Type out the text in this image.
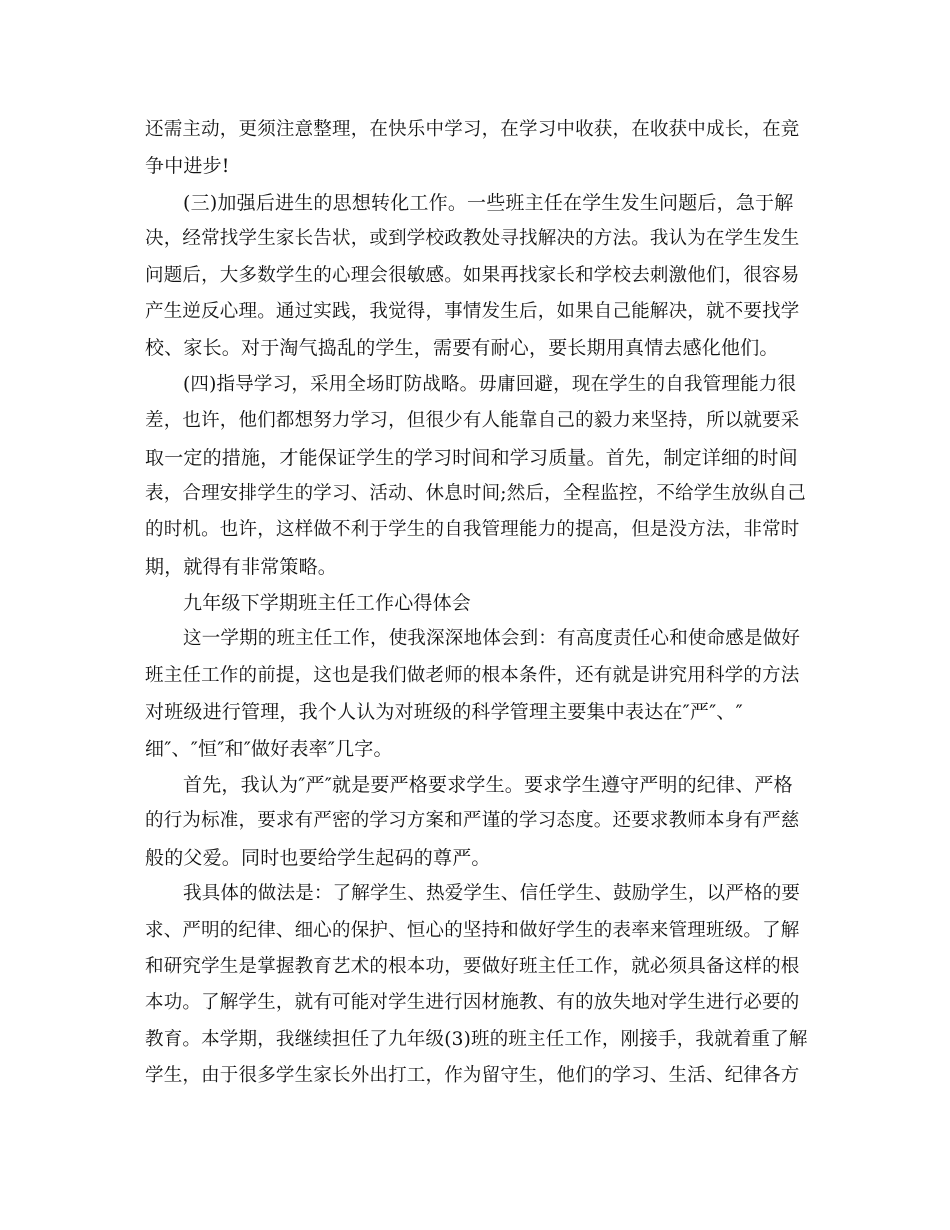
还需主动，更须注意整理，在快乐中学习，在学习中收获，在收获中成长，在竞
争中进步!
(三)加强后进生的思想转化工作。一些班主任在学生发生问题后，急于解
决，经常找学生家长告状，或到学校政教处寻找解决的方法。我认为在学生发生
问题后，大多数学生的心理会很敏感。如果再找家长和学校去刺激他们，很容易
产生逆反心理。通过实践，我觉得，事情发生后，如果自己能解决，就不要找学
校、家长。对于淘气捣乱的学生，需要有耐心，要长期用真情去感化他们。
(四)指导学习，采用全场盯防战略。毋庸回避，现在学生的自我管理能力很
差，也许，他们都想努力学习，但很少有人能靠自己的毅力来坚持，所以就要采
取一定的措施，才能保证学生的学习时间和学习质量。首先，制定详细的时间
表，合理安排学生的学习、活动、休息时间;然后，全程监控，不给学生放纵自己
的时机。也许，这样做不利于学生的自我管理能力的提高，但是没方法，非常时
期，就得有非常策略。
九年级下学期班主任工作心得体会
这一学期的班主任工作，使我深深地体会到：有高度责任心和使命感是做好
班主任工作的前提，这也是我们做老师的根本条件，还有就是讲究用科学的方法
对班级进行管理，我个人认为对班级的科学管理主要集中表达在″严″、″
细″、″恒″和″做好表率″几字。
首先，我认为″严″就是要严格要求学生。要求学生遵守严明的纪律、严格
的行为标准，要求有严密的学习方案和严谨的学习态度。还要求教师本身有严慈
般的父爱。同时也要给学生起码的尊严。
我具体的做法是：了解学生、热爱学生、信任学生、鼓励学生，以严格的要
求、严明的纪律、细心的保护、恒心的坚持和做好学生的表率来管理班级。了解
和研究学生是掌握教育艺术的根本功，要做好班主任工作，就必须具备这样的根
本功。了解学生，就有可能对学生进行因材施教、有的放失地对学生进行必要的
教育。本学期，我继续担任了九年级(3)班的班主任工作，刚接手，我就着重了解
学生，由于很多学生家长外出打工，作为留守生，他们的学习、生活、纪律各方
